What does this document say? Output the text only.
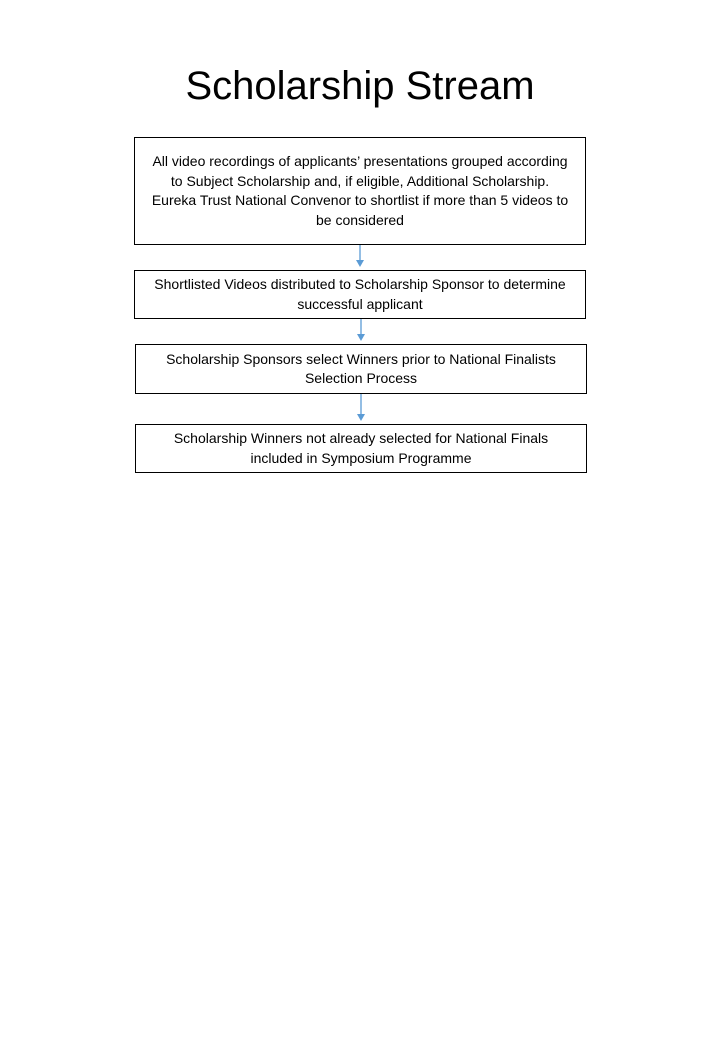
Scholarship Stream
All video recordings of applicants’ presentations grouped according to Subject Scholarship and, if eligible, Additional Scholarship.
Eureka Trust National Convenor to shortlist if more than 5 videos to be considered
Shortlisted Videos distributed to Scholarship Sponsor to determine successful applicant
Scholarship Sponsors select Winners prior to National Finalists Selection Process
Scholarship Winners not already selected for National Finals included in Symposium Programme
